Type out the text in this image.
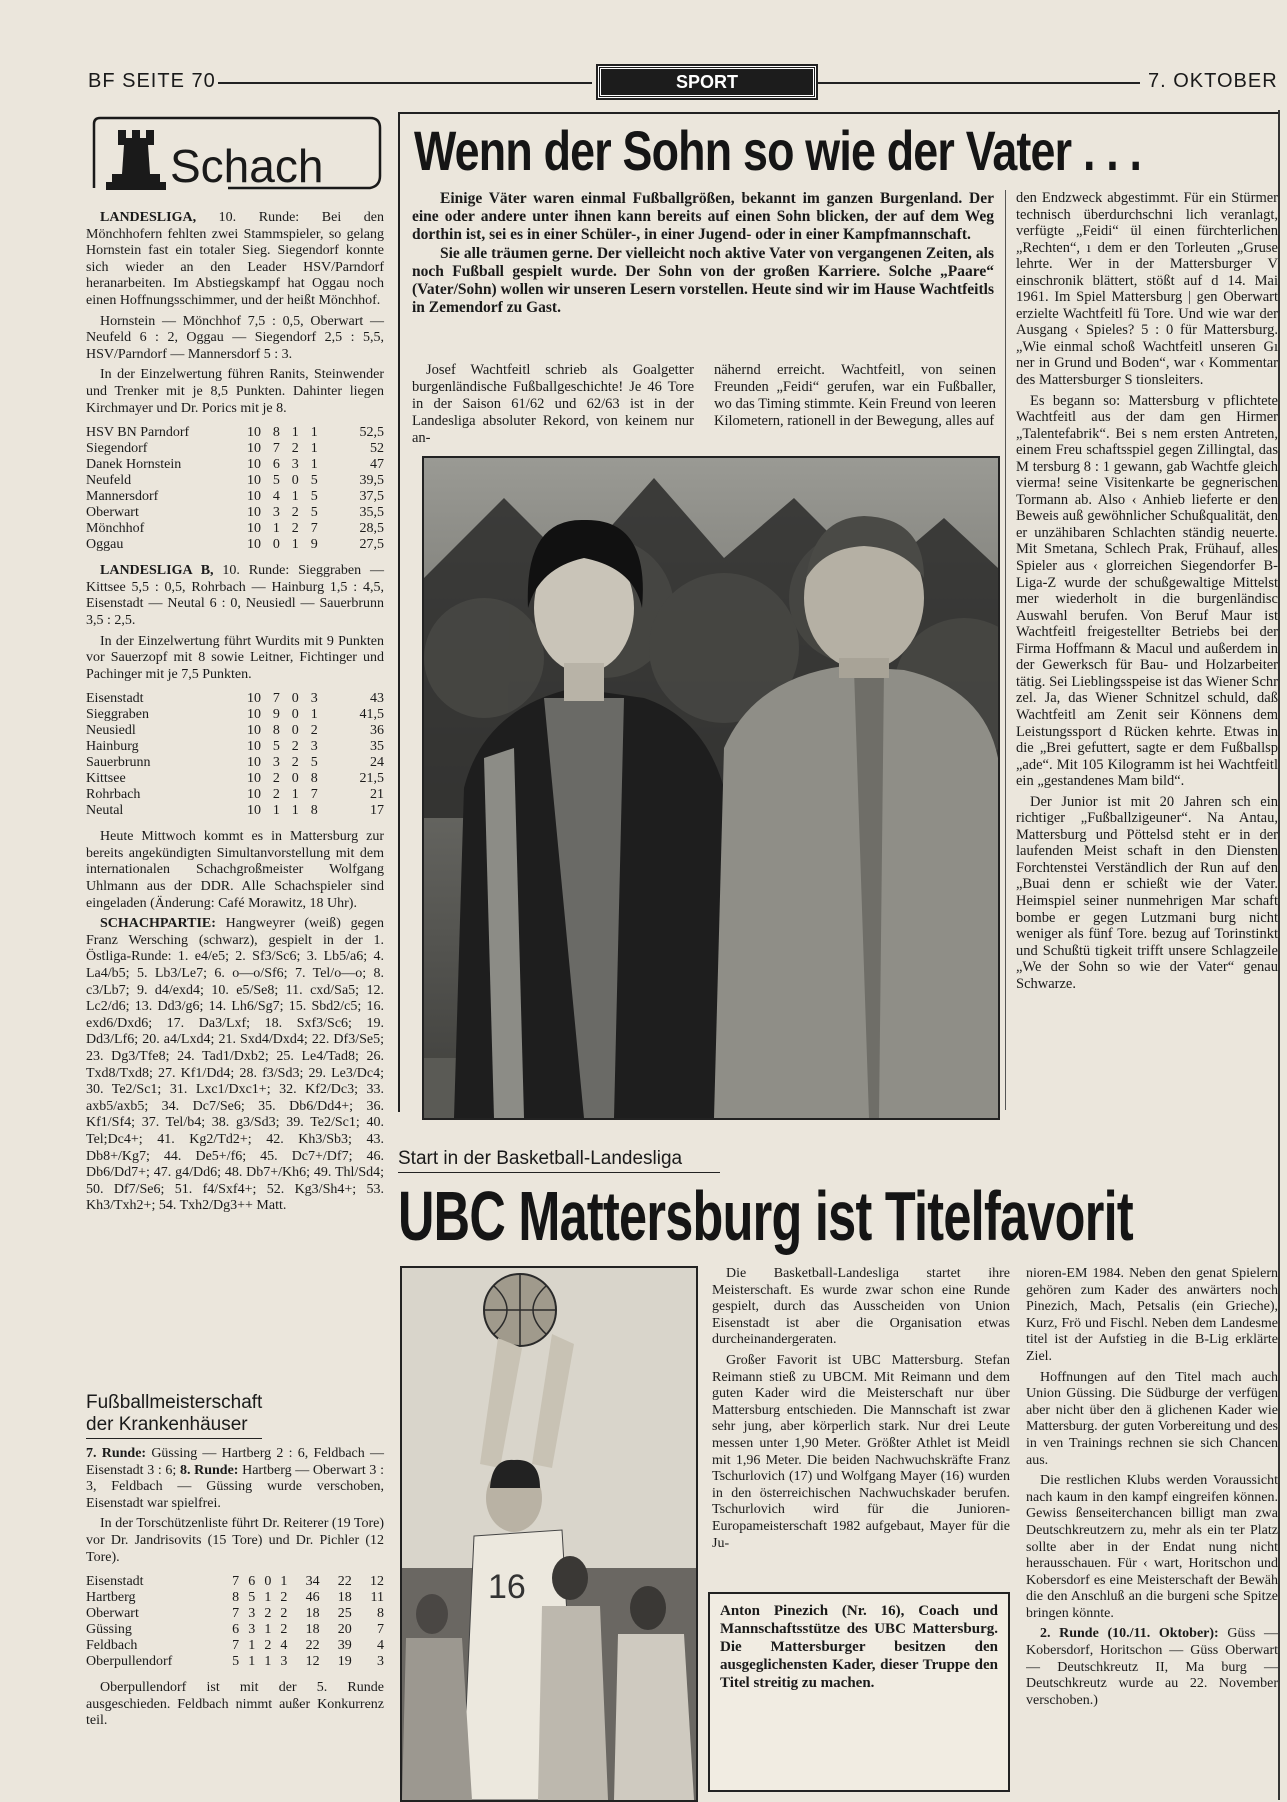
BF SEITE 70	SPORT	7. OKTOBER
Schach

LANDESLIGA, 10. Runde: Bei den Mönchhofern fehlten zwei Stammspieler, so gelang Hornstein fast ein totaler Sieg. Siegendorf konnte sich wieder an den Leader HSV/Parndorf heranarbeiten. Im Abstiegskampf hat Oggau noch einen Hoffnungsschimmer, und der heißt Mönchhof.

Hornstein — Mönchhof 7,5 : 0,5, Oberwart — Neufeld 6 : 2, Oggau — Siegendorf 2,5 : 5,5, HSV/Parndorf — Mannersdorf 5 : 3.

In der Einzelwertung führen Ranits, Steinwender und Trenker mit je 8,5 Punkten. Dahinter liegen Kirchmayer und Dr. Porics mit je 8.

HSV BN Parndorf	10	8	1	1	52,5
Siegendorf	10	7	2	1	52
Danek Hornstein	10	6	3	1	47
Neufeld	10	5	0	5	39,5
Mannersdorf	10	4	1	5	37,5
Oberwart	10	3	2	5	35,5
Mönchhof	10	1	2	7	28,5
Oggau	10	0	1	9	27,5

LANDESLIGA B, 10. Runde: Sieggraben — Kittsee 5,5 : 0,5, Rohrbach — Hainburg 1,5 : 4,5, Eisenstadt — Neutal 6 : 0, Neusiedl — Sauerbrunn 3,5 : 2,5.

In der Einzelwertung führt Wurdits mit 9 Punkten vor Sauerzopf mit 8 sowie Leitner, Fichtinger und Pachinger mit je 7,5 Punkten.

Eisenstadt	10	7	0	3	43
Sieggraben	10	9	0	1	41,5
Neusiedl	10	8	0	2	36
Hainburg	10	5	2	3	35
Sauerbrunn	10	3	2	5	24
Kittsee	10	2	0	8	21,5
Rohrbach	10	2	1	7	21
Neutal	10	1	1	8	17

Heute Mittwoch kommt es in Mattersburg zur bereits angekündigten Simultanvorstellung mit dem internationalen Schachgroßmeister Wolfgang Uhlmann aus der DDR. Alle Schachspieler sind eingeladen (Änderung: Café Morawitz, 18 Uhr).

SCHACHPARTIE: Hangweyrer (weiß) gegen Franz Wersching (schwarz), gespielt in der 1. Östliga-Runde: 1. e4/e5; 2. Sf3/Sc6; 3. Lb5/a6; 4. La4/b5; 5. Lb3/Le7; 6. o—o/Sf6; 7. Tel/o—o; 8. c3/Lb7; 9. d4/exd4; 10. e5/Se8; 11. cxd/Sa5; 12. Lc2/d6; 13. Dd3/g6; 14. Lh6/Sg7; 15. Sbd2/c5; 16. exd6/Dxd6; 17. Da3/Lxf; 18. Sxf3/Sc6; 19. Dd3/Lf6; 20. a4/Lxd4; 21. Sxd4/Dxd4; 22. Df3/Se5; 23. Dg3/Tfe8; 24. Tad1/Dxb2; 25. Le4/Tad8; 26. Txd8/Txd8; 27. Kf1/Dd4; 28. f3/Sd3; 29. Le3/Dc4; 30. Te2/Sc1; 31. Lxc1/Dxc1+; 32. Kf2/Dc3; 33. axb5/axb5; 34. Dc7/Se6; 35. Db6/Dd4+; 36. Kf1/Sf4; 37. Tel/b4; 38. g3/Sd3; 39. Te2/Sc1; 40. Tel;Dc4+; 41. Kg2/Td2+; 42. Kh3/Sb3; 43. Db8+/Kg7; 44. De5+/f6; 45. Dc7+/Df7; 46. Db6/Dd7+; 47. g4/Dd6; 48. Db7+/Kh6; 49. Thl/Sd4; 50. Df7/Se6; 51. f4/Sxf4+; 52. Kg3/Sh4+; 53. Kh3/Txh2+; 54. Txh2/Dg3++ Matt.

Fußballmeisterschaft
der Krankenhäuser

7. Runde: Güssing — Hartberg 2 : 6, Feldbach — Eisenstadt 3 : 6; 8. Runde: Hartberg — Oberwart 3 : 3, Feldbach — Güssing wurde verschoben, Eisenstadt war spielfrei.

In der Torschützenliste führt Dr. Reiterer (19 Tore) vor Dr. Jandrisovits (15 Tore) und Dr. Pichler (12 Tore).

Eisenstadt	7	6	0	1	34	22	12
Hartberg	8	5	1	2	46	18	11
Oberwart	7	3	2	2	18	25	8
Güssing	6	3	1	2	18	20	7
Feldbach	7	1	2	4	22	39	4
Oberpullendorf	5	1	1	3	12	19	3

Oberpullendorf ist mit der 5. Runde ausgeschieden. Feldbach nimmt außer Konkurrenz teil.

Wenn der Sohn so wie der Vater . . .
Einige Väter waren einmal Fußballgrößen, bekannt im ganzen Burgenland. Der eine oder andere unter ihnen kann bereits auf einen Sohn blicken, der auf dem Weg dorthin ist, sei es in einer Schüler-, in einer Jugend- oder in einer Kampfmannschaft.
Sie alle träumen gerne. Der vielleicht noch aktive Vater von vergangenen Zeiten, als noch Fußball gespielt wurde. Der Sohn von der großen Karriere. Solche „Paare“ (Vater/Sohn) wollen wir unseren Lesern vorstellen. Heute sind wir im Hause Wachtfeitls in Zemendorf zu Gast.

Josef Wachtfeitl schrieb als Goalgetter burgenländische Fußballgeschichte! Je 46 Tore in der Saison 61/62 und 62/63 ist in der Landesliga absoluter Rekord, von keinem nur an-

nähernd erreicht. Wachtfeitl, von seinen Freunden „Feidi“ gerufen, war ein Fußballer, wo das Timing stimmte. Kein Freund von leeren Kilometern, rationell in der Bewegung, alles auf

den Endzweck abgestimmt. Für ein Stürmer technisch überdurchschni lich veranlagt, verfügte „Feidi“ ül einen fürchterlichen „Rechten“, ı dem er den Torleuten „Gruse lehrte. Wer in der Mattersburger V einschronik blättert, stößt auf d 14. Mai 1961. Im Spiel Mattersburg | gen Oberwart erzielte Wachtfeitl fü Tore. Und wie war der Ausgang ‹ Spieles? 5 : 0 für Mattersburg. „Wie einmal schoß Wachtfeitl unseren Gı ner in Grund und Boden“, war ‹ Kommentar des Mattersburger S tionsleiters.

Es begann so: Mattersburg v pflichtete Wachtfeitl aus der dam gen Hirmer „Talentefabrik“. Bei s nem ersten Antreten, einem Freu schaftsspiel gegen Zillingtal, das M tersburg 8 : 1 gewann, gab Wachtfe gleich vierma! seine Visitenkarte be gegnerischen Tormann ab. Also ‹ Anhieb lieferte er den Beweis auß gewöhnlicher Schußqualität, den er unzähibaren Schlachten ständig neuerte. Mit Smetana, Schlech Prak, Frühauf, alles Spieler aus ‹ glorreichen Siegendorfer B-Liga-Z wurde der schußgewaltige Mittelst mer wiederholt in die burgenländisc Auswahl berufen. Von Beruf Maur ist Wachtfeitl freigestellter Betriebs bei der Firma Hoffmann & Macul und außerdem in der Gewerksch für Bau- und Holzarbeiter tätig. Sei Lieblingsspeise ist das Wiener Schr zel. Ja, das Wiener Schnitzel schuld, daß Wachtfeitl am Zenit seir Könnens dem Leistungssport d Rücken kehrte. Etwas in die „Brei gefuttert, sagte er dem Fußballsp „ade“. Mit 105 Kilogramm ist hei Wachtfeitl ein „gestandenes Mam bild“.

Der Junior ist mit 20 Jahren sch ein richtiger „Fußballzigeuner“. Na Antau, Mattersburg und Pöttelsd steht er in der laufenden Meist schaft in den Diensten Forchtenstei Verständlich der Run auf den „Buai denn er schießt wie der Vater. Heimspiel seiner nunmehrigen Mar schaft bombe er gegen Lutzmani burg nicht weniger als fünf Tore. bezug auf Torinstinkt und Schußtü tigkeit trifft unsere Schlagzeile „We der Sohn so wie der Vater“ genau Schwarze.

Start in der Basketball-Landesliga
UBC Mattersburg ist Titelfavorit
16

Die Basketball-Landesliga startet ihre Meisterschaft. Es wurde zwar schon eine Runde gespielt, durch das Ausscheiden von Union Eisenstadt ist aber die Organisation etwas durcheinandergeraten.

Großer Favorit ist UBC Mattersburg. Stefan Reimann stieß zu UBCM. Mit Reimann und dem guten Kader wird die Meisterschaft nur über Mattersburg entschieden. Die Mannschaft ist zwar sehr jung, aber körperlich stark. Nur drei Leute messen unter 1,90 Meter. Größter Athlet ist Meidl mit 1,96 Meter. Die beiden Nachwuchskräfte Franz Tschurlovich (17) und Wolfgang Mayer (16) wurden in den österreichischen Nachwuchskader berufen. Tschurlovich wird für die Junioren-Europameisterschaft 1982 aufgebaut, Mayer für die Ju-

Anton Pinezich (Nr. 16), Coach und Mannschaftsstütze des UBC Mattersburg. Die Mattersburger besitzen den ausgeglichensten Kader, dieser Truppe den Titel streitig zu machen.

nioren-EM 1984. Neben den genat Spielern gehören zum Kader des anwärters noch Pinezich, Mach, Petsalis (ein Grieche), Kurz, Frö und Fischl. Neben dem Landesme titel ist der Aufstieg in die B-Lig erklärte Ziel.

Hoffnungen auf den Titel mach auch Union Güssing. Die Südburge der verfügen aber nicht über den ä glichenen Kader wie Mattersburg. der guten Vorbereitung und des in ven Trainings rechnen sie sich Chancen aus.

Die restlichen Klubs werden Voraussicht nach kaum in den kampf eingreifen können. Gewiss ßenseiterchancen billigt man zwa Deutschkreutzern zu, mehr als ein ter Platz sollte aber in der Endat nung nicht herausschauen. Für ‹ wart, Horitschon und Kobersdorf es eine Meisterschaft der Bewäh die den Anschluß an die burgeni sche Spitze bringen könnte.

2. Runde (10./11. Oktober): Güss — Kobersdorf, Horitschon — Güss Oberwart — Deutschkreutz II, Ma burg — Deutschkreutz wurde au 22. November verschoben.)
